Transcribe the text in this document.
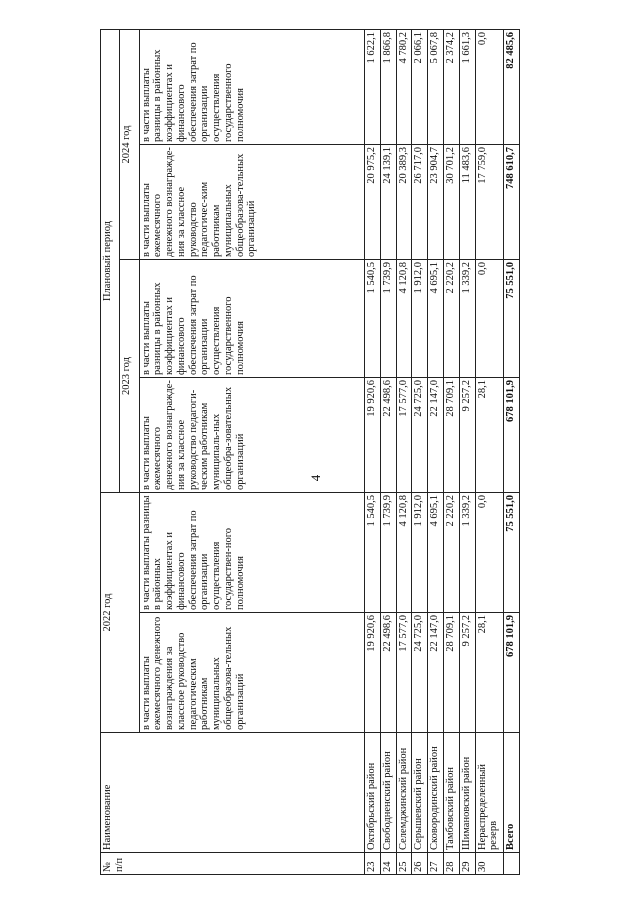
4
№ п/п	Наименование	2022 год		Плановый период			
				2023 год		2024 год	
		в части выплаты ежемесячного денежного вознаграждения за классное руководство педагогическим работникам муниципальных общеобразова-тельных организаций	в части выплаты разницы в районных коэффициентах и финансового обеспечения затрат по организации осуществления государствен-ного полномочия	в части выплаты ежемесячного денежного вознагражде-ния за классное руководство педагоги-ческим работникам муниципаль-ных общеобра-зовательных организаций	в части выплаты разницы в районных коэффициентах и финансового обеспечения затрат по организации осуществления государственного полномочия	в части выплаты ежемесячного денежного вознагражде-ния за классное руководство педагогичес-ким работникам муниципальных общеобразова-тельных организаций	в части выплаты разницы в районных коэффициентах и финансового обеспечения затрат по организации осуществления государственного полномочия
23	Октябрьский район	19 920,6	1 540,5	19 920,6	1 540,5	20 975,2	1 622,1
24	Свободненский район	22 498,6	1 739,9	22 498,6	1 739,9	24 139,1	1 866,8
25	Селемджинский район	17 577,0	4 120,8	17 577,0	4 120,8	20 389,3	4 780,2
26	Серышевский район	24 725,0	1 912,0	24 725,0	1 912,0	26 717,0	2 066,1
27	Сковородинский район	22 147,0	4 695,1	22 147,0	4 695,1	23 904,7	5 067,8
28	Тамбовский район	28 709,1	2 220,2	28 709,1	2 220,2	30 701,2	2 374,2
29	Шимановский район	9 257,2	1 339,2	9 257,2	1 339,2	11 483,6	1 661,3
30	Нераспределенный резерв	28,1	0,0	28,1	0,0	17 759,0	0,0
	Всего	678 101,9	75 551,0	678 101,9	75 551,0	748 610,7	82 485,6
